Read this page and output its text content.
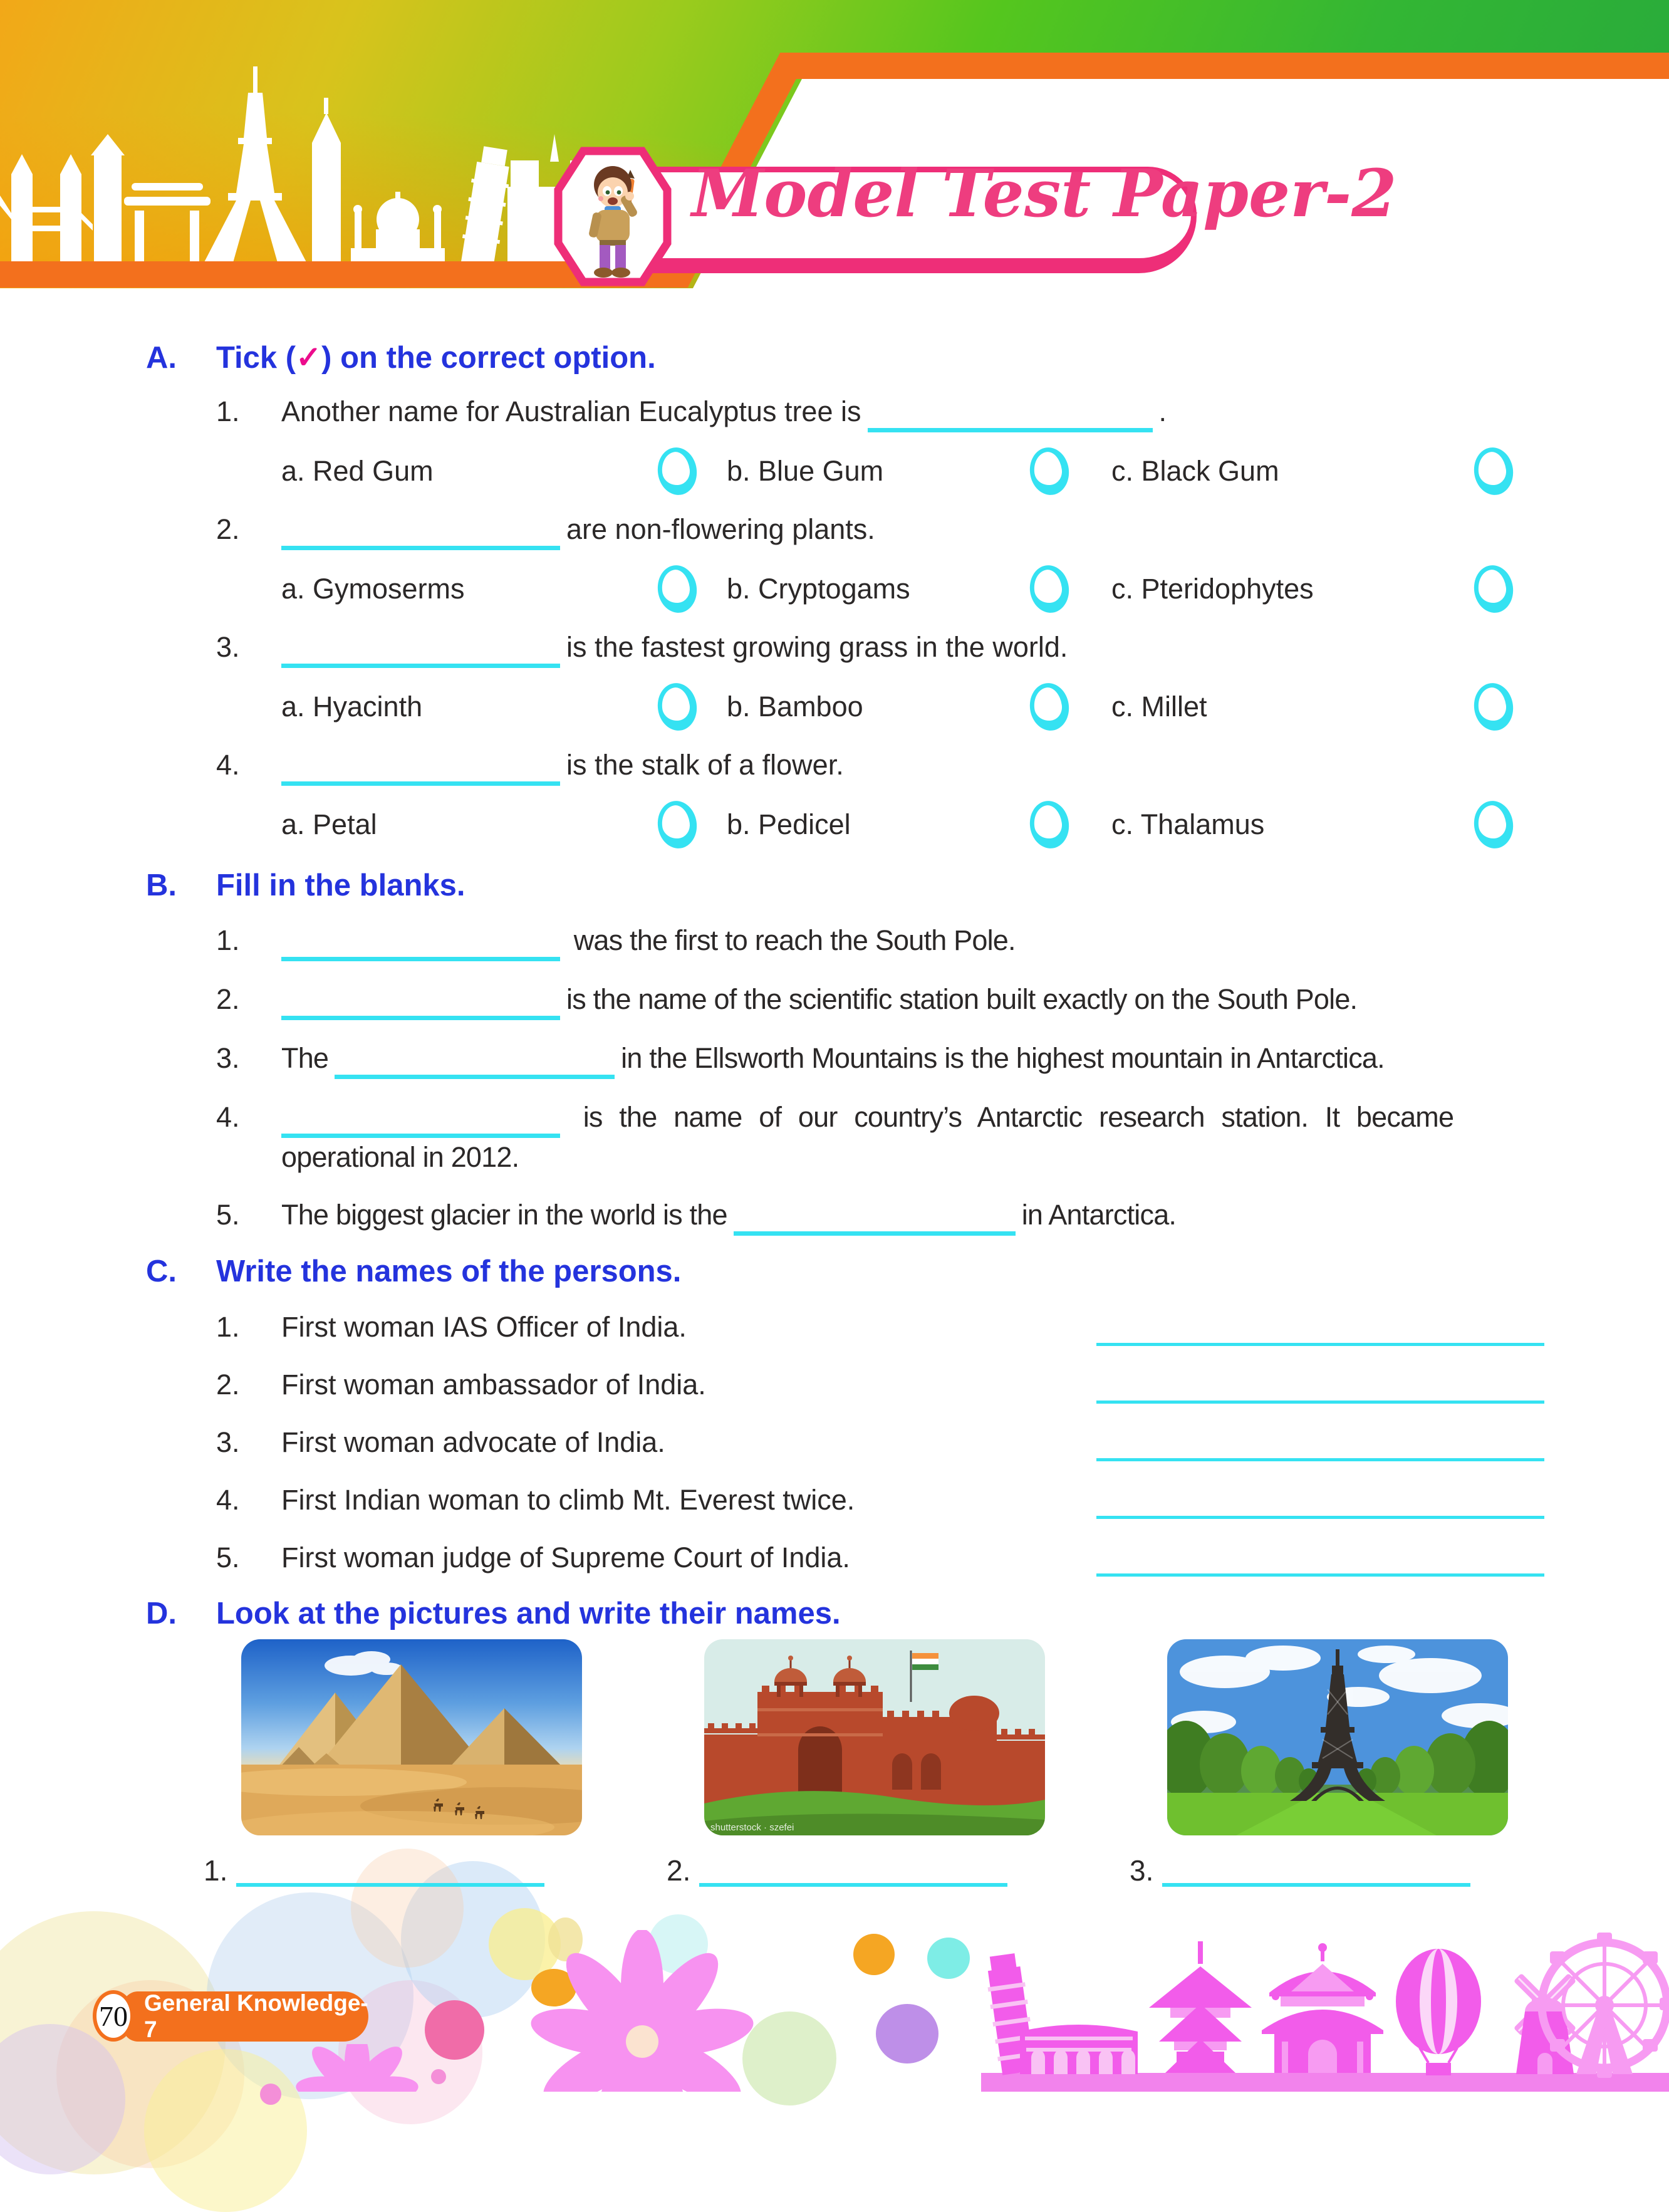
Model Test Paper-2
A.	Tick (✓) on the correct option.
1.	Another name for Australian Eucalyptus tree is	.
a. Red Gum	b. Blue Gum	c. Black Gum
2.	are non-flowering plants.
a. Gymoserms	b. Cryptogams	c. Pteridophytes
3.	is the fastest growing grass in the world.
a. Hyacinth	b. Bamboo	c. Millet
4.	is the stalk of a flower.
a. Petal	b. Pedicel	c. Thalamus
B.	Fill in the blanks.
1.	was the first to reach the South Pole.
2.	is the name of the scientific station built exactly on the South Pole.
3.	The	in the Ellsworth Mountains is the highest mountain in Antarctica.
4.	is the name of our country’s Antarctic research station. It became
operational in 2012.
5.	The biggest glacier in the world is the	in Antarctica.
C.	Write the names of the persons.
1.	First woman IAS Officer of India.
2.	First woman ambassador of India.
3.	First woman advocate of India.
4.	First Indian woman to climb Mt. Everest twice.
5.	First woman judge of Supreme Court of India.
D.	Look at the pictures and write their names.
shutterstock · szefei
1.	2.	3.
General Knowledge-7
70
